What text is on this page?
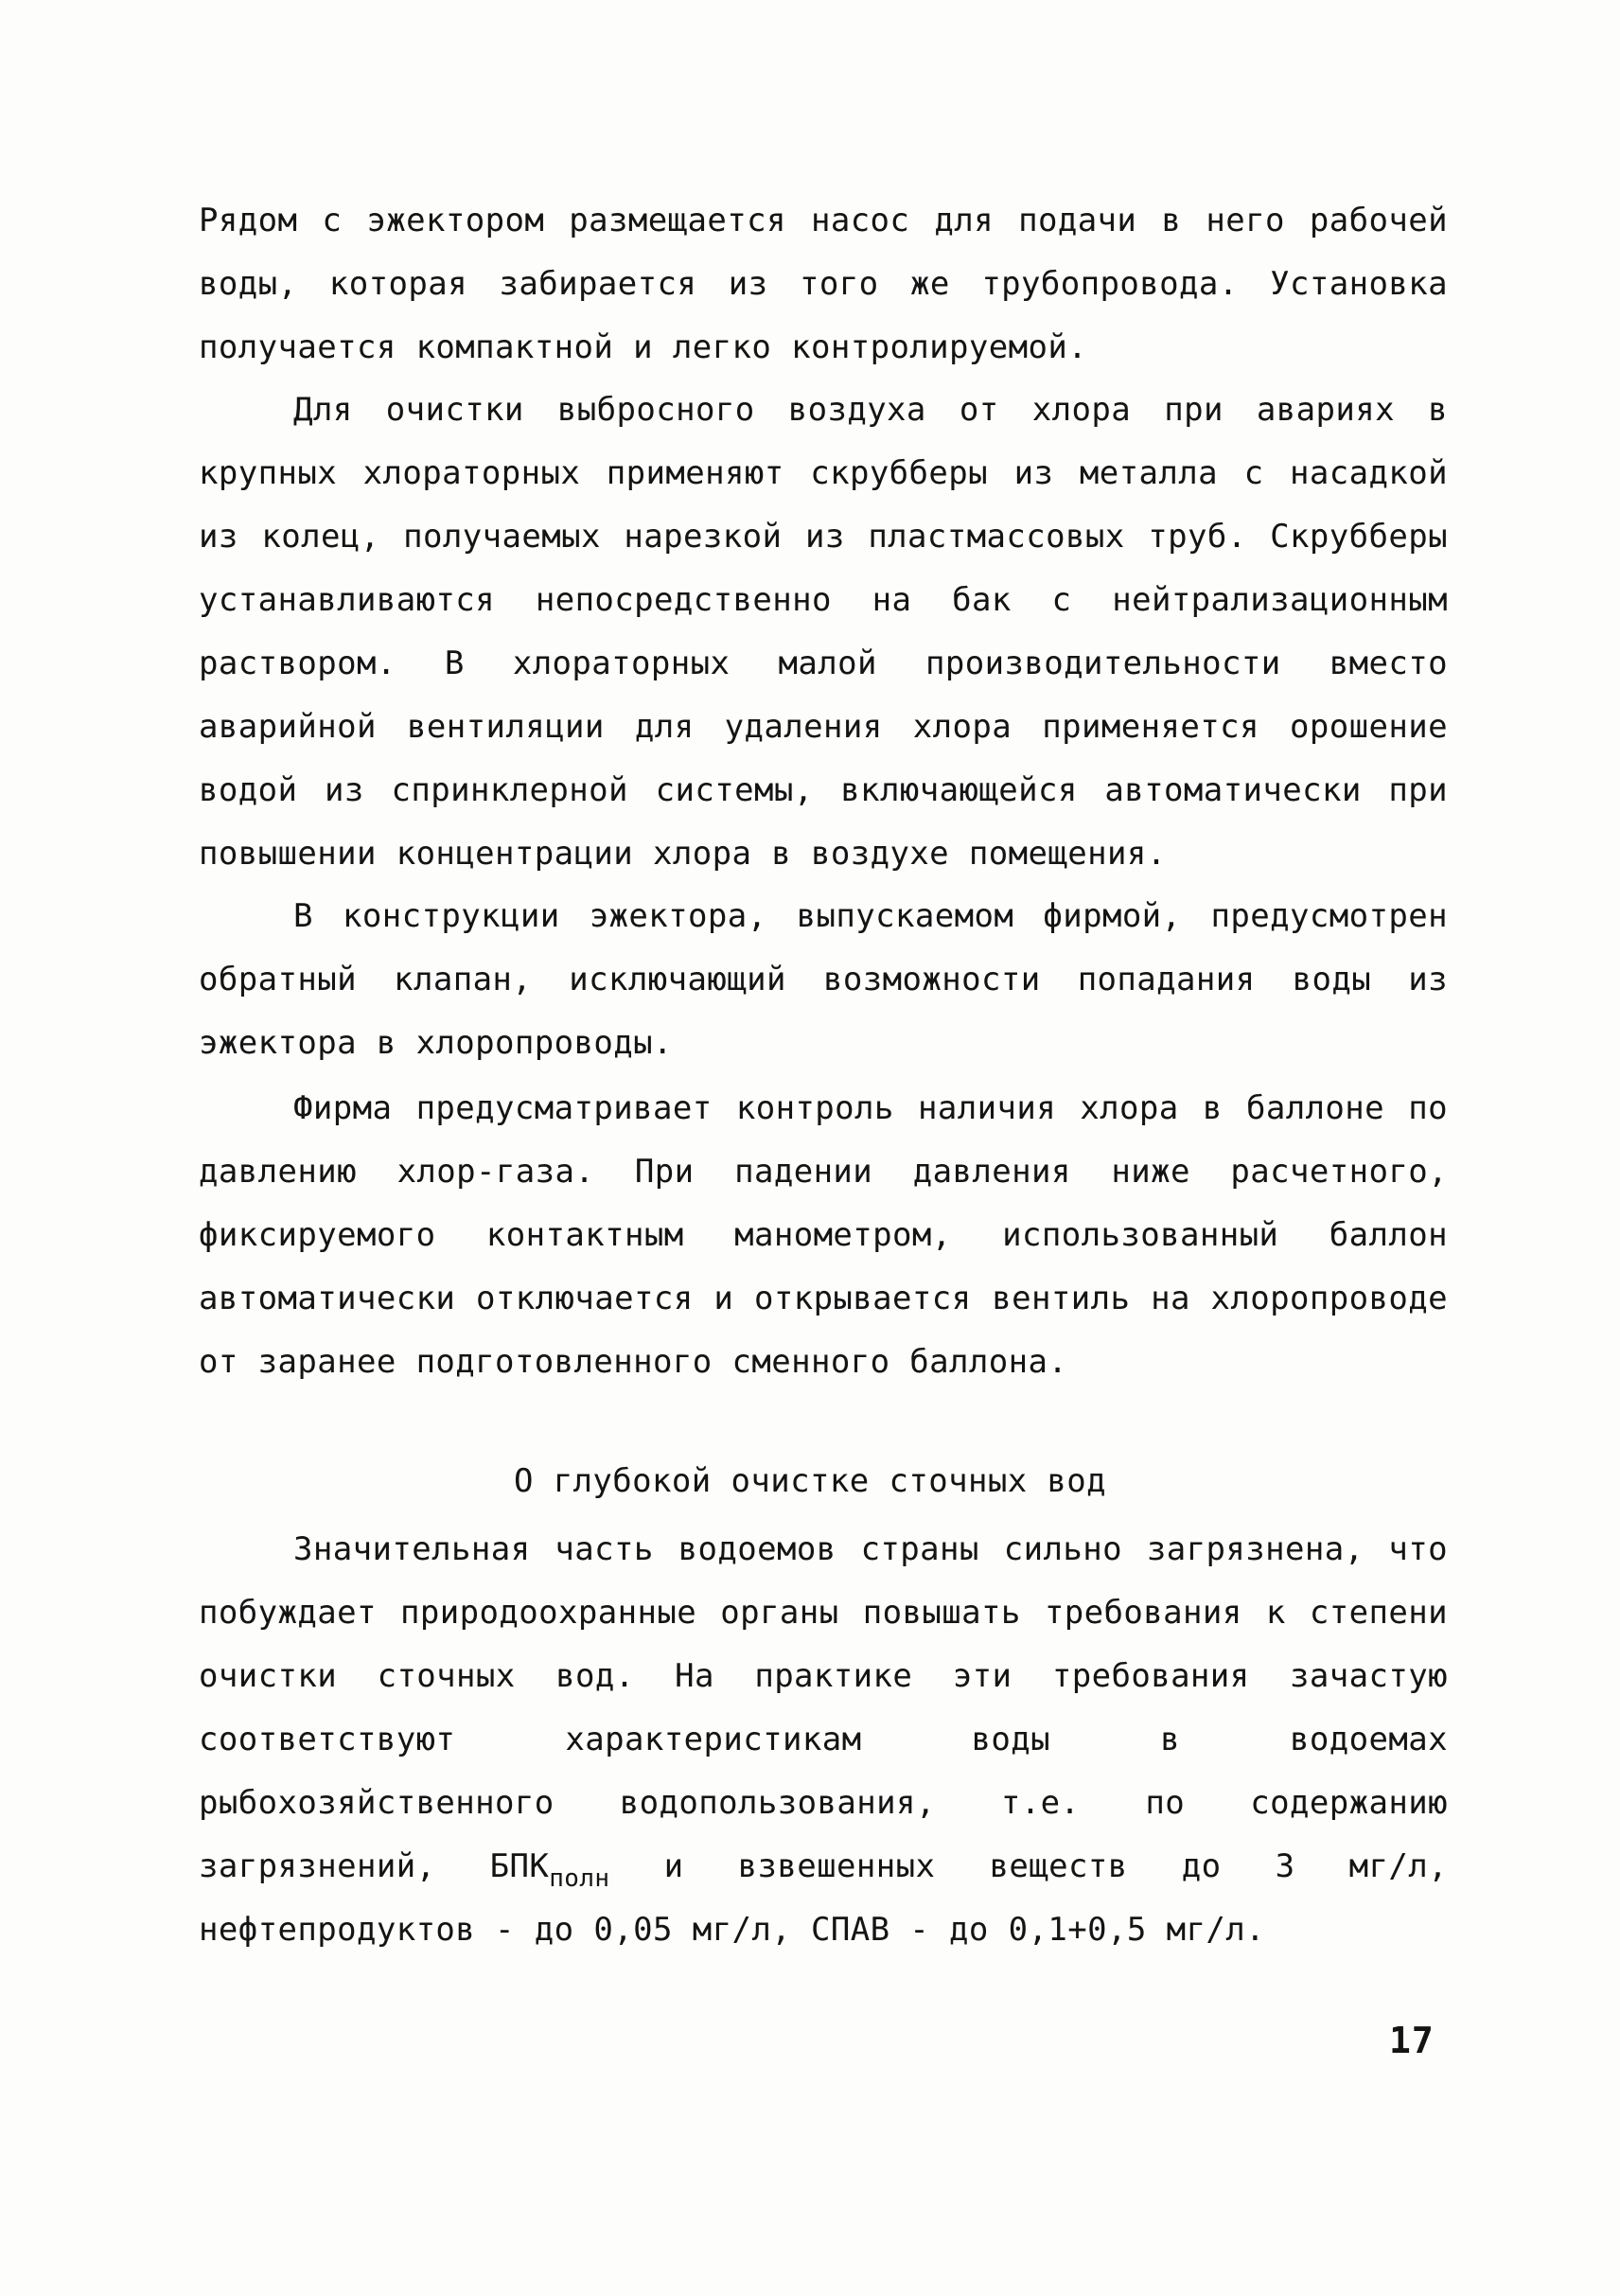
Рядом с эжектором размещается насос для подачи в него рабочей воды, которая забирается из того же трубопровода. Установка получается компактной и легко контролируемой.

Для очистки выбросного воздуха от хлора при авариях в крупных хлораторных применяют скрубберы из металла с насадкой из колец, получаемых нарезкой из пластмассовых труб. Скрубберы устанавливаются непосредственно на бак с нейтрализационным раствором. В хлораторных малой производительности вместо аварийной вентиляции для удаления хлора применяется орошение водой из спринклерной системы, включающейся автоматически при повышении концентрации хлора в воздухе помещения.

В конструкции эжектора, выпускаемом фирмой, предусмотрен обратный клапан, исключающий возможности попадания воды из эжектора в хлоропроводы.

Фирма предусматривает контроль наличия хлора в баллоне по давлению хлор-газа. При падении давления ниже расчетного, фиксируемого контактным манометром, использованный баллон автоматически отключается и открывается вентиль на хлоропроводе от заранее подготовленного сменного баллона.

О глубокой очистке сточных вод

Значительная часть водоемов страны сильно загрязнена, что побуждает природоохранные органы повышать требования к степени очистки сточных вод. На практике эти требования зачастую соответствуют характеристикам воды в водоемах рыбохозяйственного водопользования, т.е. по содержанию загрязнений, $БПК_{полн}$ и взвешенных веществ до 3 мг/л, нефтепродуктов - до 0,05 мг/л, СПАВ - до 0,1+0,5 мг/л.

17
